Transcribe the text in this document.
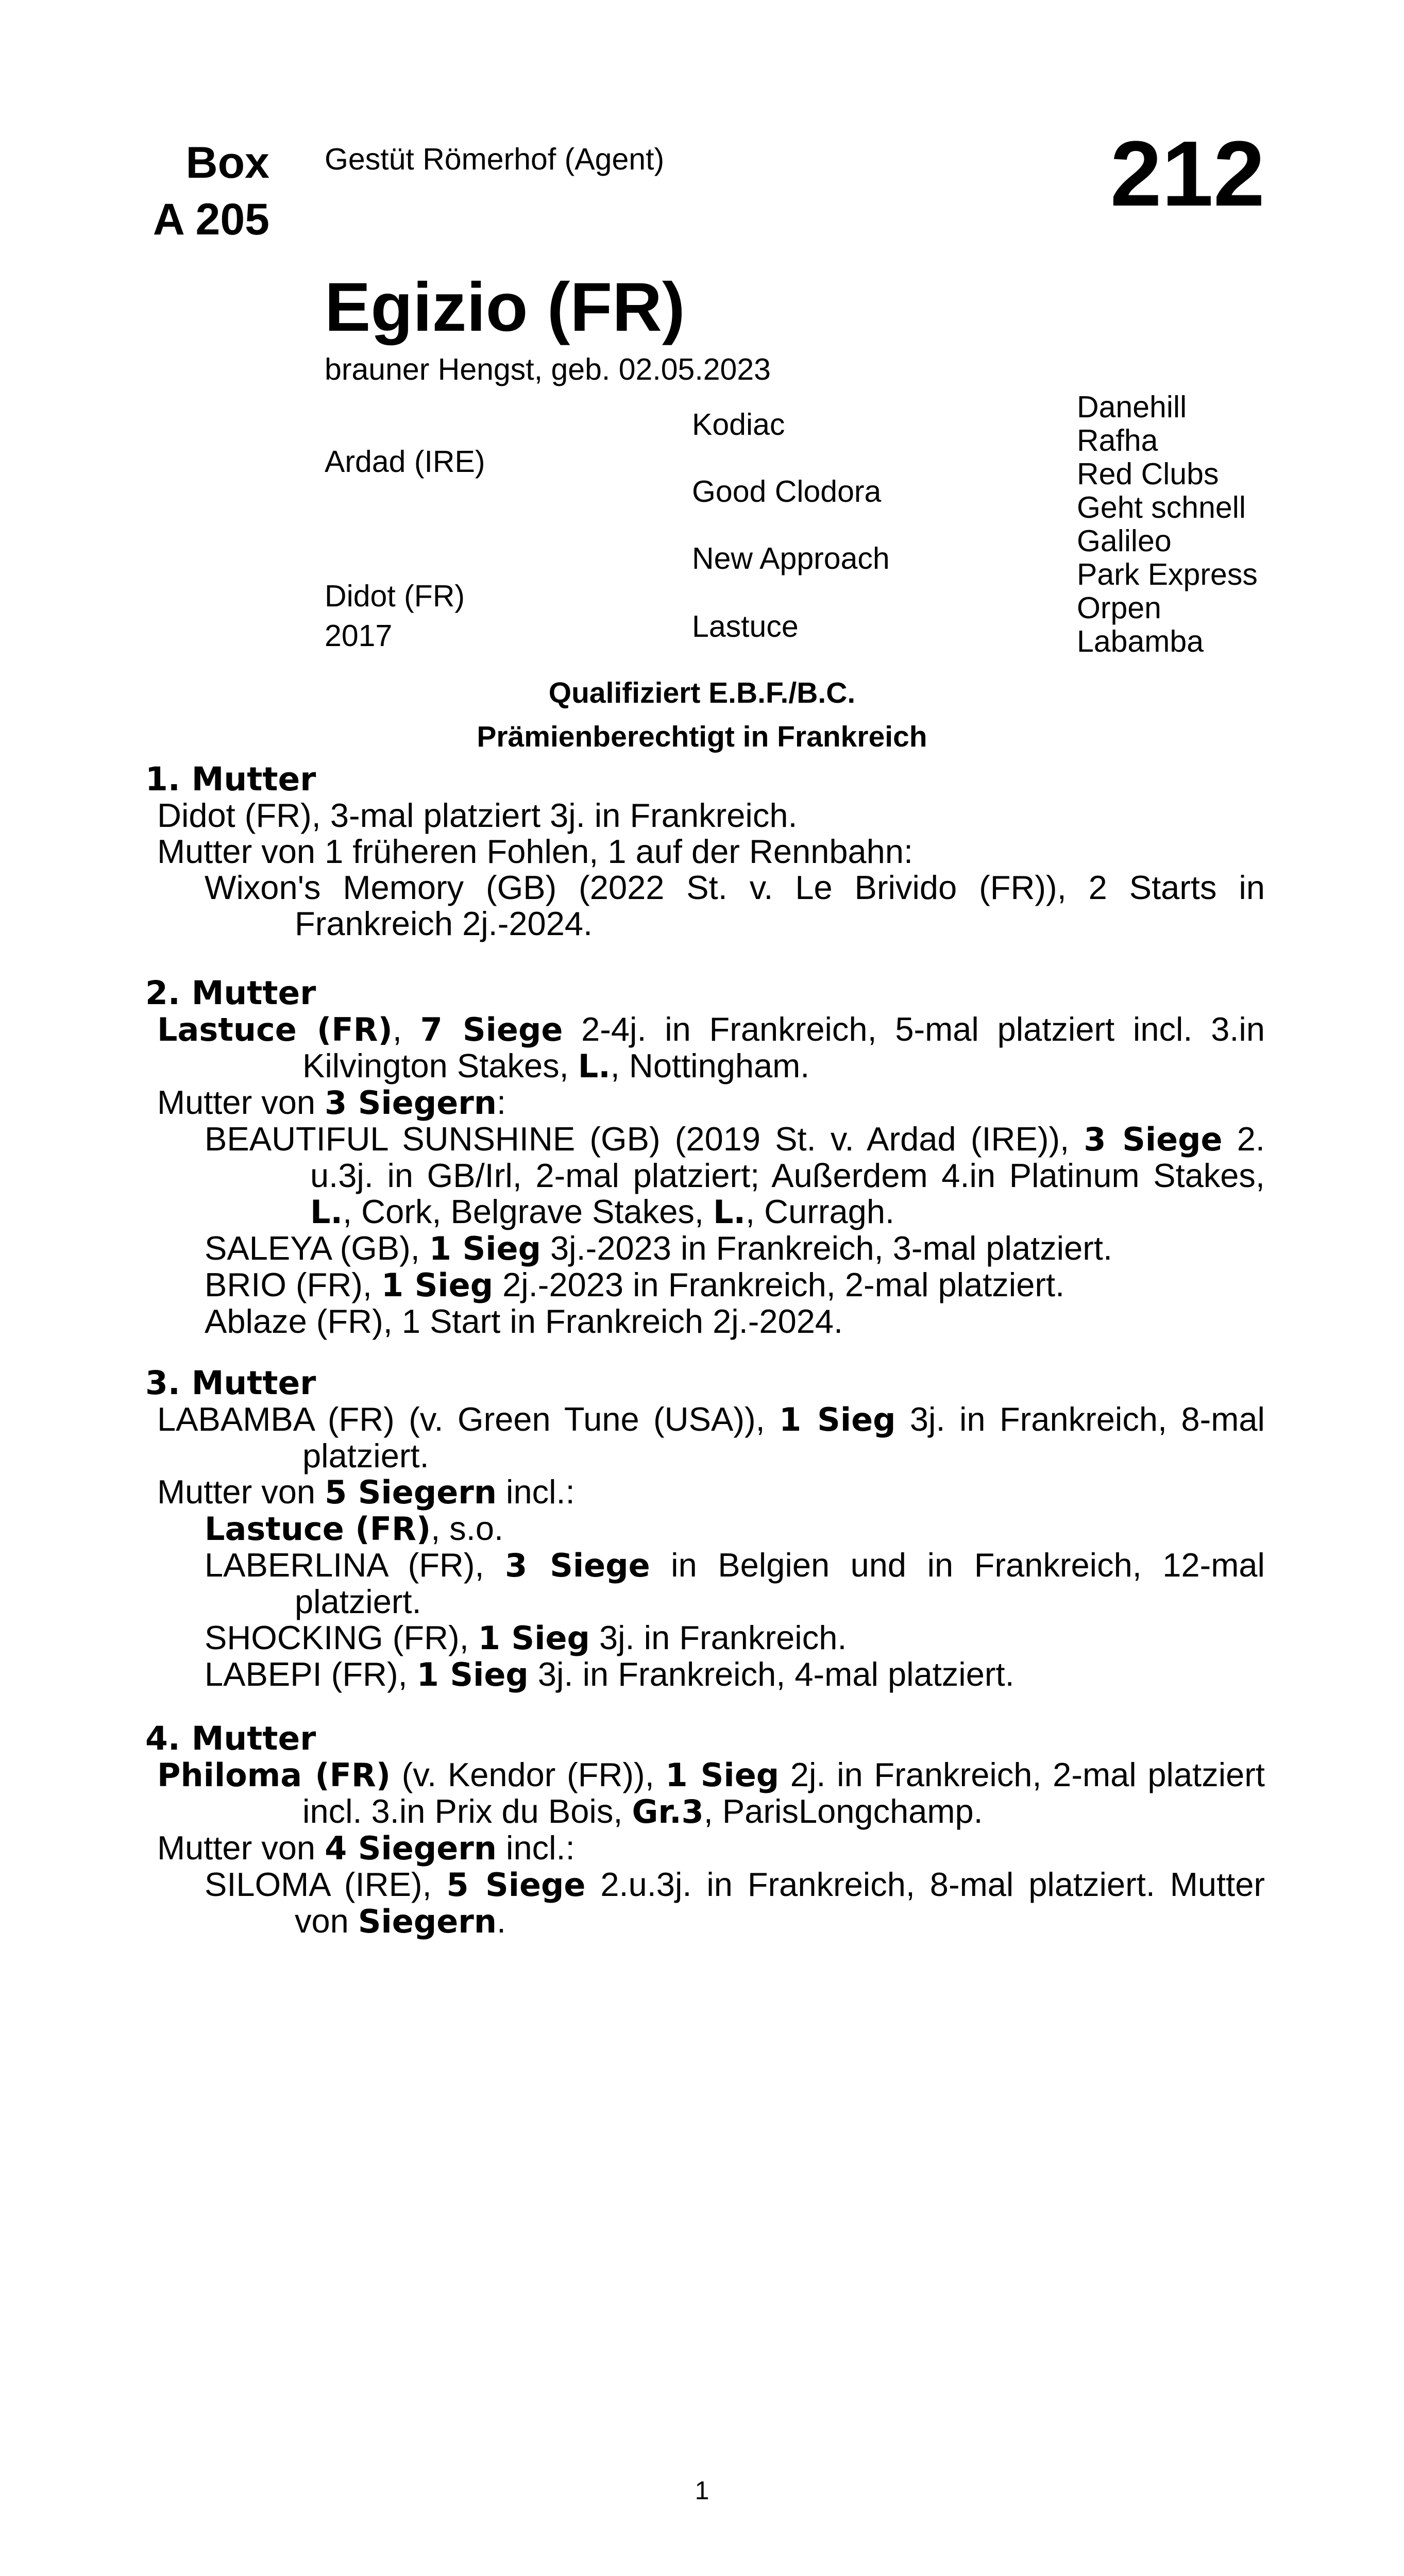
Box
A 205
Gestüt Römerhof (Agent)	212
Egizio (FR)
brauner Hengst, geb. 02.05.2023
Ardad (IRE)
Didot (FR)
2017
Kodiac
Good Clodora
New Approach
Lastuce
Danehill
Rafha
Red Clubs
Geht schnell
Galileo
Park Express
Orpen
Labamba
Qualifiziert E.B.F./B.C.
Prämienberechtigt in Frankreich
1. Mutter

Didot (FR), 3-mal platziert 3j. in Frankreich.

Mutter von 1 früheren Fohlen, 1 auf der Rennbahn:

Wixon's Memory (GB) (2022 St. v. Le Brivido (FR)), 2 Starts in Frankreich 2j.-2024.

2. Mutter

Lastuce (FR), 7 Siege 2-4j. in Frankreich, 5-mal platziert incl. 3.in Kilvington Stakes, L., Nottingham.

Mutter von 3 Siegern:

BEAUTIFUL SUNSHINE (GB) (2019 St. v. Ardad (IRE)), 3 Siege 2. u.3j. in GB/Irl, 2-mal platziert; Außerdem 4.in Platinum Stakes, L., Cork, Belgrave Stakes, L., Curragh.

SALEYA (GB), 1 Sieg 3j.-2023 in Frankreich, 3-mal platziert.

BRIO (FR), 1 Sieg 2j.-2023 in Frankreich, 2-mal platziert.

Ablaze (FR), 1 Start in Frankreich 2j.-2024.

3. Mutter

LABAMBA (FR) (v. Green Tune (USA)), 1 Sieg 3j. in Frankreich, 8-mal platziert.

Mutter von 5 Siegern incl.:

Lastuce (FR), s.o.

LABERLINA (FR), 3 Siege in Belgien und in Frankreich, 12-mal platziert.

SHOCKING (FR), 1 Sieg 3j. in Frankreich.

LABEPI (FR), 1 Sieg 3j. in Frankreich, 4-mal platziert.

4. Mutter

Philoma (FR) (v. Kendor (FR)), 1 Sieg 2j. in Frankreich, 2-mal platziert incl. 3.in Prix du Bois, Gr.3, ParisLongchamp.

Mutter von 4 Siegern incl.:

SILOMA (IRE), 5 Siege 2.u.3j. in Frankreich, 8-mal platziert. Mutter von Siegern.

1
